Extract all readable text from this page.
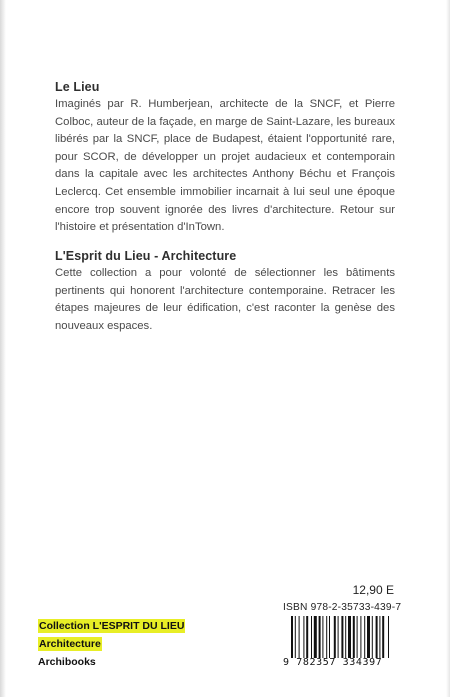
Le Lieu

Imaginés par R. Humberjean, architecte de la SNCF, et Pierre Colboc, auteur de la façade, en marge de Saint-Lazare, les bureaux libérés par la SNCF, place de Budapest, étaient l'opportunité rare, pour SCOR, de développer un projet audacieux et contemporain dans la capitale avec les architectes Anthony Béchu et François Leclercq. Cet ensemble immobilier incarnait à lui seul une époque encore trop souvent ignorée des livres d'architecture. Retour sur l'histoire et présentation d'InTown.

L'Esprit du Lieu - Architecture

Cette collection a pour volonté de sélectionner les bâtiments pertinents qui honorent l'architecture contemporaine. Retracer les étapes majeures de leur édification, c'est raconter la genèse des nouveaux espaces.

12,90 E
ISBN 978-2-35733-439-7
9 782357 334397
Collection L'ESPRIT DU LIEU
Architecture
Archibooks
